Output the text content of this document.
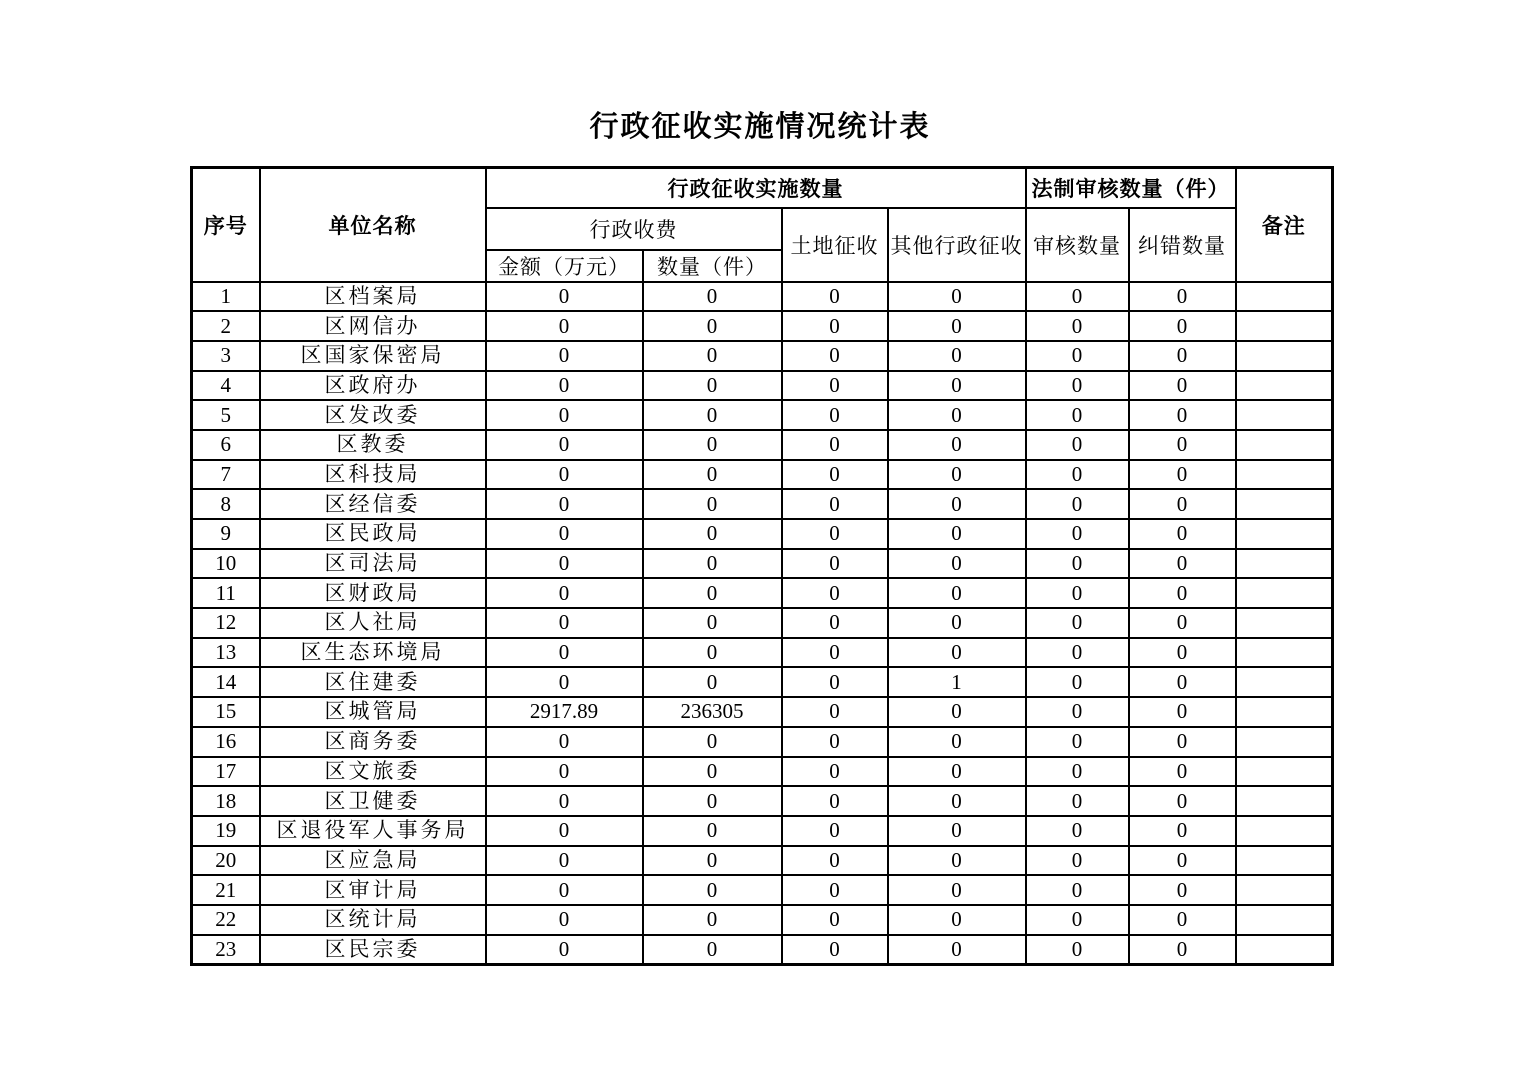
行政征收实施情况统计表
序号	单位名称	行政征收实施数量				法制审核数量（件）		备注
		行政收费		土地征收	其他行政征收	审核数量	纠错数量	
		金额（万元）	数量（件）					
1	区档案局	0	0	0	0	0	0	
2	区网信办	0	0	0	0	0	0	
3	区国家保密局	0	0	0	0	0	0	
4	区政府办	0	0	0	0	0	0	
5	区发改委	0	0	0	0	0	0	
6	区教委	0	0	0	0	0	0	
7	区科技局	0	0	0	0	0	0	
8	区经信委	0	0	0	0	0	0	
9	区民政局	0	0	0	0	0	0	
10	区司法局	0	0	0	0	0	0	
11	区财政局	0	0	0	0	0	0	
12	区人社局	0	0	0	0	0	0	
13	区生态环境局	0	0	0	0	0	0	
14	区住建委	0	0	0	1	0	0	
15	区城管局	2917.89	236305	0	0	0	0	
16	区商务委	0	0	0	0	0	0	
17	区文旅委	0	0	0	0	0	0	
18	区卫健委	0	0	0	0	0	0	
19	区退役军人事务局	0	0	0	0	0	0	
20	区应急局	0	0	0	0	0	0	
21	区审计局	0	0	0	0	0	0	
22	区统计局	0	0	0	0	0	0	
23	区民宗委	0	0	0	0	0	0	
